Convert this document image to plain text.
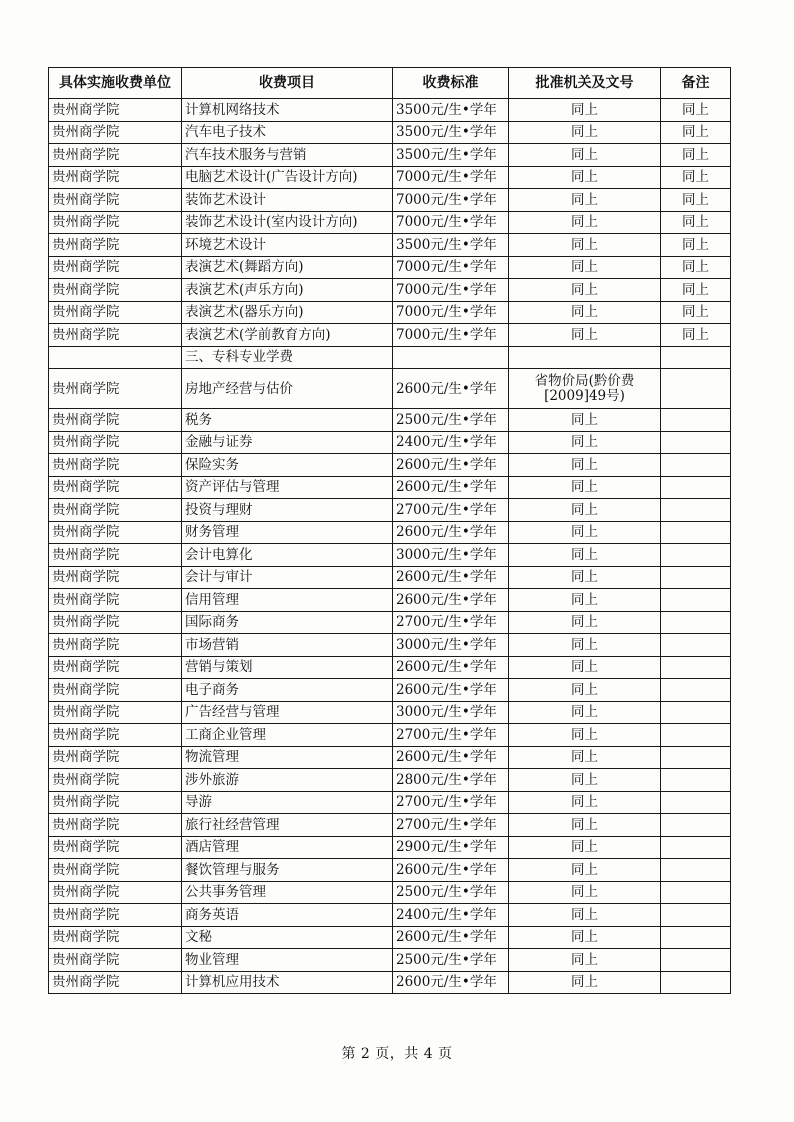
具体实施收费单位	收费项目	收费标准	批准机关及文号	备注
贵州商学院	计算机网络技术	3500元/生•学年	同上	同上
贵州商学院	汽车电子技术	3500元/生•学年	同上	同上
贵州商学院	汽车技术服务与营销	3500元/生•学年	同上	同上
贵州商学院	电脑艺术设计(广告设计方向)	7000元/生•学年	同上	同上
贵州商学院	装饰艺术设计	7000元/生•学年	同上	同上
贵州商学院	装饰艺术设计(室内设计方向)	7000元/生•学年	同上	同上
贵州商学院	环境艺术设计	3500元/生•学年	同上	同上
贵州商学院	表演艺术(舞蹈方向)	7000元/生•学年	同上	同上
贵州商学院	表演艺术(声乐方向)	7000元/生•学年	同上	同上
贵州商学院	表演艺术(器乐方向)	7000元/生•学年	同上	同上
贵州商学院	表演艺术(学前教育方向)	7000元/生•学年	同上	同上
	三、专科专业学费			
贵州商学院	房地产经营与估价	2600元/生•学年	省物价局(黔价费[2009]49号)	
贵州商学院	税务	2500元/生•学年	同上	
贵州商学院	金融与证券	2400元/生•学年	同上	
贵州商学院	保险实务	2600元/生•学年	同上	
贵州商学院	资产评估与管理	2600元/生•学年	同上	
贵州商学院	投资与理财	2700元/生•学年	同上	
贵州商学院	财务管理	2600元/生•学年	同上	
贵州商学院	会计电算化	3000元/生•学年	同上	
贵州商学院	会计与审计	2600元/生•学年	同上	
贵州商学院	信用管理	2600元/生•学年	同上	
贵州商学院	国际商务	2700元/生•学年	同上	
贵州商学院	市场营销	3000元/生•学年	同上	
贵州商学院	营销与策划	2600元/生•学年	同上	
贵州商学院	电子商务	2600元/生•学年	同上	
贵州商学院	广告经营与管理	3000元/生•学年	同上	
贵州商学院	工商企业管理	2700元/生•学年	同上	
贵州商学院	物流管理	2600元/生•学年	同上	
贵州商学院	涉外旅游	2800元/生•学年	同上	
贵州商学院	导游	2700元/生•学年	同上	
贵州商学院	旅行社经营管理	2700元/生•学年	同上	
贵州商学院	酒店管理	2900元/生•学年	同上	
贵州商学院	餐饮管理与服务	2600元/生•学年	同上	
贵州商学院	公共事务管理	2500元/生•学年	同上	
贵州商学院	商务英语	2400元/生•学年	同上	
贵州商学院	文秘	2600元/生•学年	同上	
贵州商学院	物业管理	2500元/生•学年	同上	
贵州商学院	计算机应用技术	2600元/生•学年	同上	
第 2 页，共 4 页
